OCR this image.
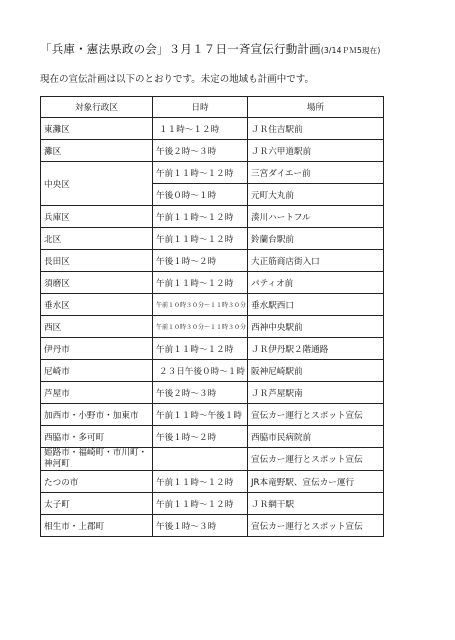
「兵庫・憲法県政の会」３月１７日一斉宣伝行動計画(3/14ＰＭ5現在)
現在の宣伝計画は以下のとおりです。未定の地域も計画中です。
対象行政区	日時	場所
東灘区	１１時～１２時	ＪＲ住吉駅前
灘区	午後２時～３時	ＪＲ六甲道駅前
中央区	午前１１時～１２時	三宮ダイエー前
	午後０時～１時	元町大丸前
兵庫区	午前１１時～１２時	湊川ハートフル
北区	午前１１時～１２時	鈴蘭台駅前
長田区	午後１時～２時	大正筋商店街入口
須磨区	午前１１時～１２時	パティオ前
垂水区	午前１０時３０分～１１時３０分	垂水駅西口
西区	午前１０時３０分～１１時３０分	西神中央駅前
伊丹市	午前１１時～１２時	ＪＲ伊丹駅２階通路
尼崎市	２３日午後０時～１時	阪神尼崎駅前
芦屋市	午後２時～３時	ＪＲ芦屋駅南
加西市・小野市・加東市	午前１１時～午後１時	宣伝カー運行とスポット宣伝
西脇市・多可町	午後１時～２時	西脇市民病院前
姫路市・福崎町・市川町・神河町		宣伝カー運行とスポット宣伝
たつの市	午前１１時～１２時	JR本竜野駅、宣伝カー運行
太子町	午前１１時～１２時	ＪＲ網干駅
相生市・上郡町	午後１時～３時	宣伝カー運行とスポット宣伝
